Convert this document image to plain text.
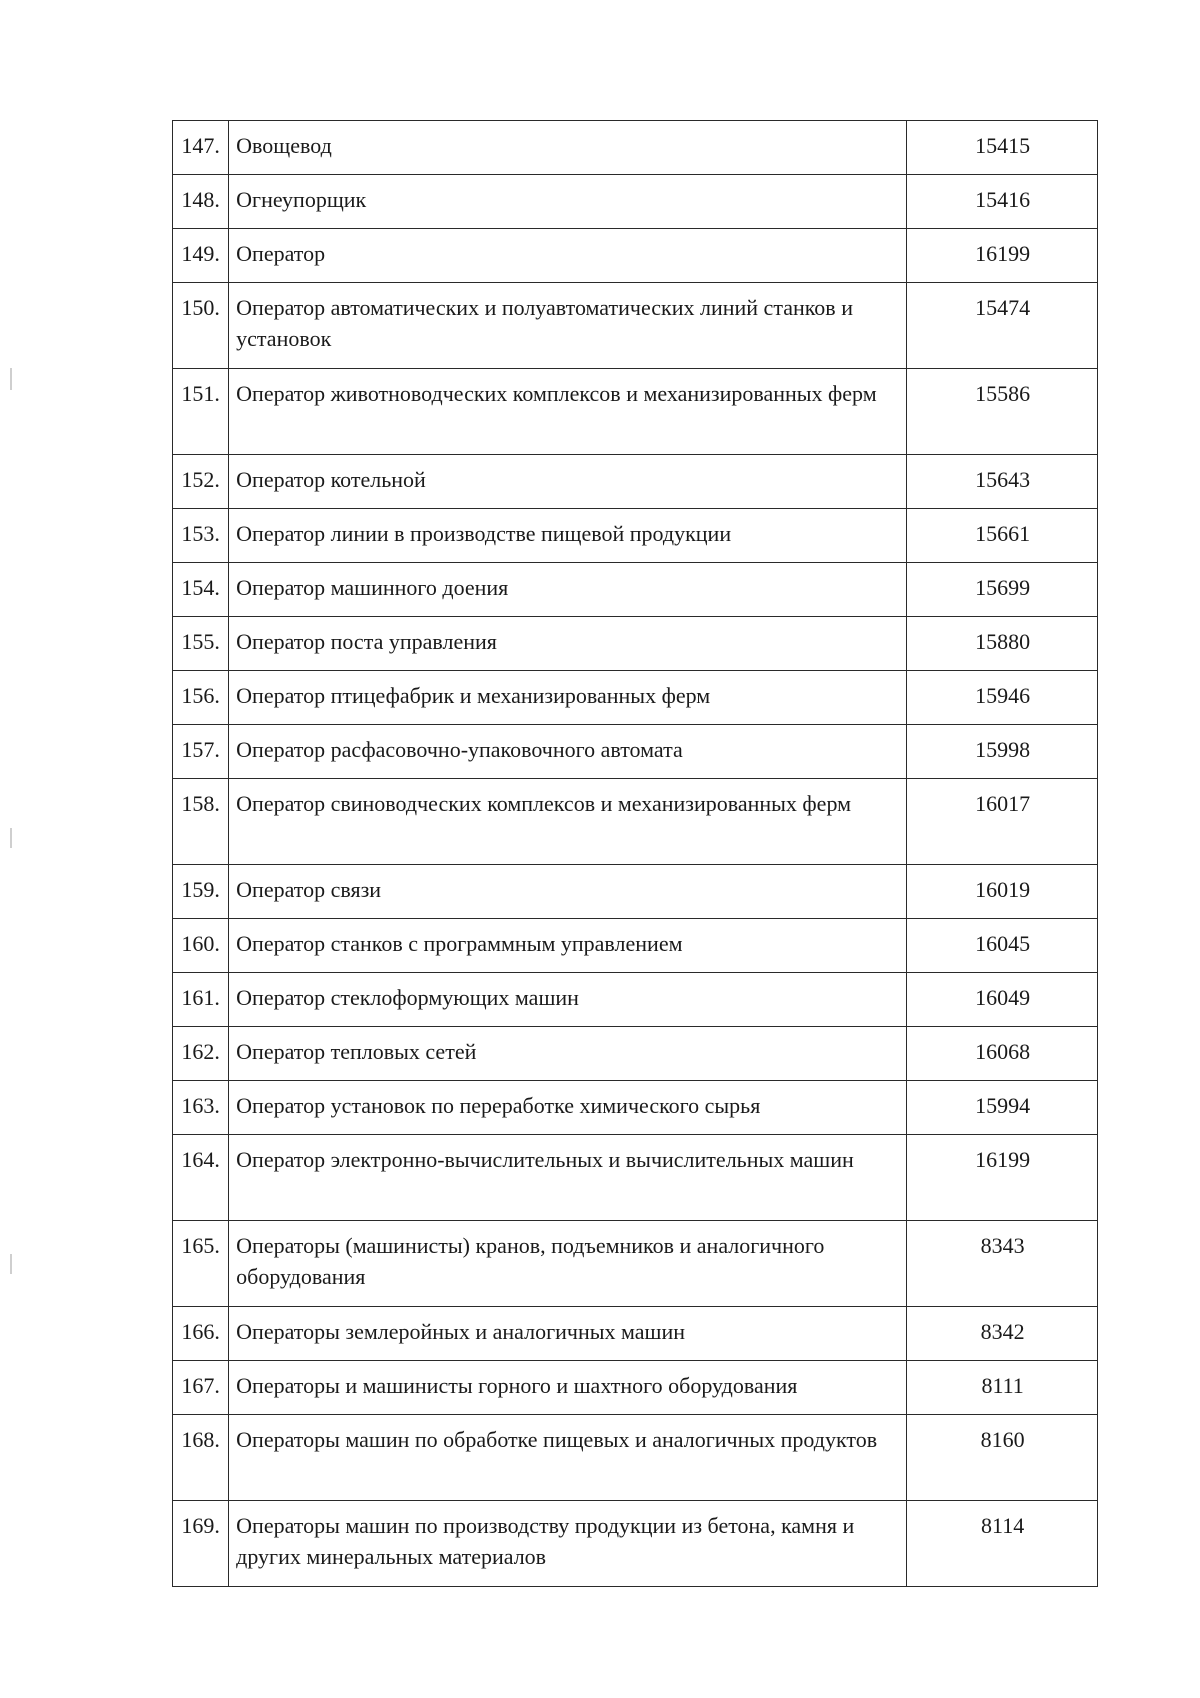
147.	Овощевод	15415
148.	Огнеупорщик	15416
149.	Оператор	16199
150.	Оператор автоматических и полуавтоматических линий станков и установок	15474
151.	Оператор животноводческих комплексов и механизированных ферм	15586
152.	Оператор котельной	15643
153.	Оператор линии в производстве пищевой продукции	15661
154.	Оператор машинного доения	15699
155.	Оператор поста управления	15880
156.	Оператор птицефабрик и механизированных ферм	15946
157.	Оператор расфасовочно-упаковочного автомата	15998
158.	Оператор свиноводческих комплексов и механизированных ферм	16017
159.	Оператор связи	16019
160.	Оператор станков с программным управлением	16045
161.	Оператор стеклоформующих машин	16049
162.	Оператор тепловых сетей	16068
163.	Оператор установок по переработке химического сырья	15994
164.	Оператор электронно-вычислительных и вычислительных машин	16199
165.	Операторы (машинисты) кранов, подъемников и аналогичного оборудования	8343
166.	Операторы землеройных и аналогичных машин	8342
167.	Операторы и машинисты горного и шахтного оборудования	8111
168.	Операторы машин по обработке пищевых и аналогичных продуктов	8160
169.	Операторы машин по производству продукции из бетона, камня и других минеральных материалов	8114
